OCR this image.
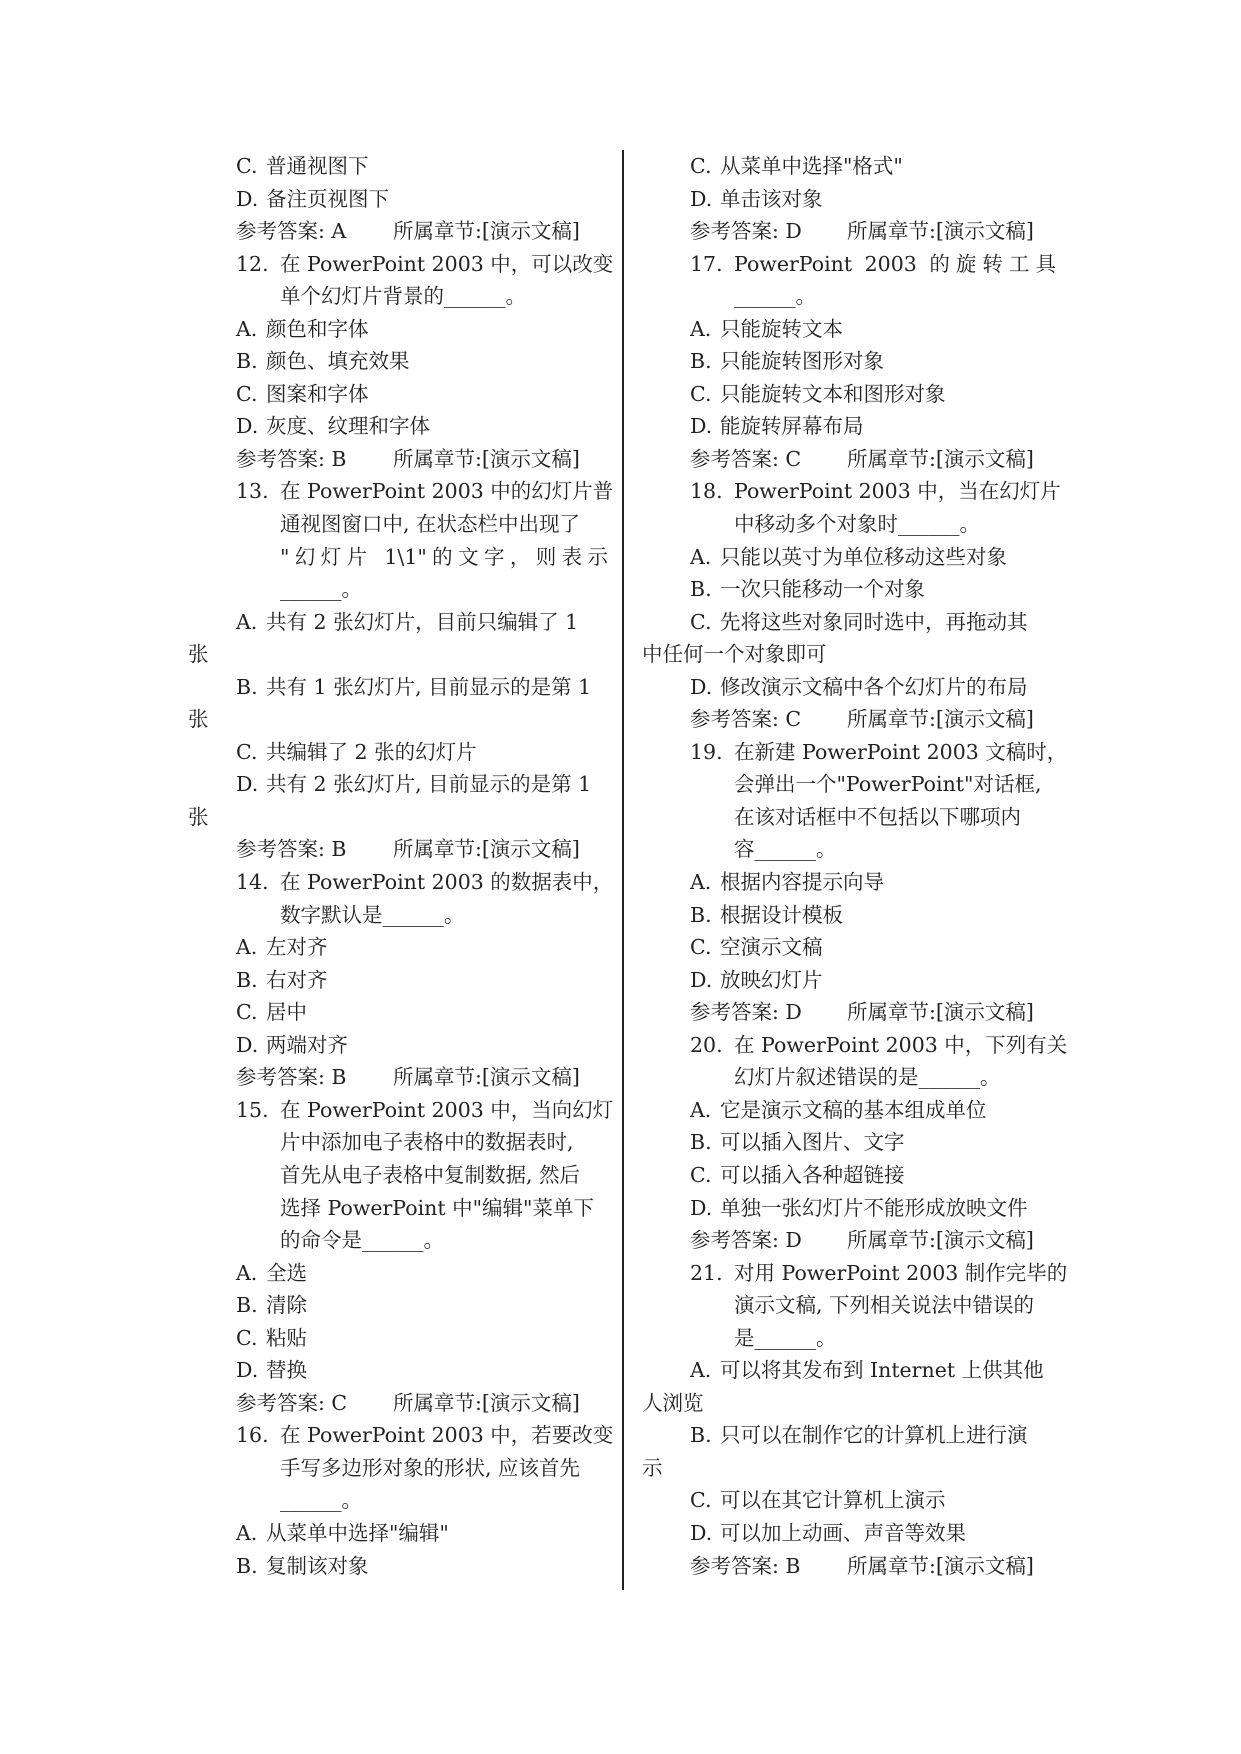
C. 普通视图下
D. 备注页视图下
参考答案: A 所属章节:[演示文稿]
12. 在 PowerPoint 2003 中，可以改变
单个幻灯片背景的______。
A. 颜色和字体
B. 颜色、填充效果
C. 图案和字体
D. 灰度、纹理和字体
参考答案: B 所属章节:[演示文稿]
13. 在 PowerPoint 2003 中的幻灯片普
通视图窗口中, 在状态栏中出现了
"幻灯片 1\1"的文字，则表示
______。
A. 共有 2 张幻灯片，目前只编辑了 1
张
B. 共有 1 张幻灯片, 目前显示的是第 1
张
C. 共编辑了 2 张的幻灯片
D. 共有 2 张幻灯片, 目前显示的是第 1
张
参考答案: B 所属章节:[演示文稿]
14. 在 PowerPoint 2003 的数据表中，
数字默认是______。
A. 左对齐
B. 右对齐
C. 居中
D. 两端对齐
参考答案: B 所属章节:[演示文稿]
15. 在 PowerPoint 2003 中，当向幻灯
片中添加电子表格中的数据表时,
首先从电子表格中复制数据, 然后
选择 PowerPoint 中"编辑"菜单下
的命令是______。
A. 全选
B. 清除
C. 粘贴
D. 替换
参考答案: C 所属章节:[演示文稿]
16. 在 PowerPoint 2003 中，若要改变
手写多边形对象的形状, 应该首先
______。
A. 从菜单中选择"编辑"
B. 复制该对象
C. 从菜单中选择"格式"
D. 单击该对象
参考答案: D 所属章节:[演示文稿]
17. PowerPoint 2003 的旋转工具
______。
A. 只能旋转文本
B. 只能旋转图形对象
C. 只能旋转文本和图形对象
D. 能旋转屏幕布局
参考答案: C 所属章节:[演示文稿]
18. PowerPoint 2003 中，当在幻灯片
中移动多个对象时______。
A. 只能以英寸为单位移动这些对象
B. 一次只能移动一个对象
C. 先将这些对象同时选中，再拖动其
中任何一个对象即可
D. 修改演示文稿中各个幻灯片的布局
参考答案: C 所属章节:[演示文稿]
19. 在新建 PowerPoint 2003 文稿时，
会弹出一个"PowerPoint"对话框,
在该对话框中不包括以下哪项内
容______。
A. 根据内容提示向导
B. 根据设计模板
C. 空演示文稿
D. 放映幻灯片
参考答案: D 所属章节:[演示文稿]
20. 在 PowerPoint 2003 中，下列有关
幻灯片叙述错误的是______。
A. 它是演示文稿的基本组成单位
B. 可以插入图片、文字
C. 可以插入各种超链接
D. 单独一张幻灯片不能形成放映文件
参考答案: D 所属章节:[演示文稿]
21. 对用 PowerPoint 2003 制作完毕的
演示文稿, 下列相关说法中错误的
是______。
A. 可以将其发布到 Internet 上供其他
人浏览
B. 只可以在制作它的计算机上进行演
示
C. 可以在其它计算机上演示
D. 可以加上动画、声音等效果
参考答案: B 所属章节:[演示文稿]
